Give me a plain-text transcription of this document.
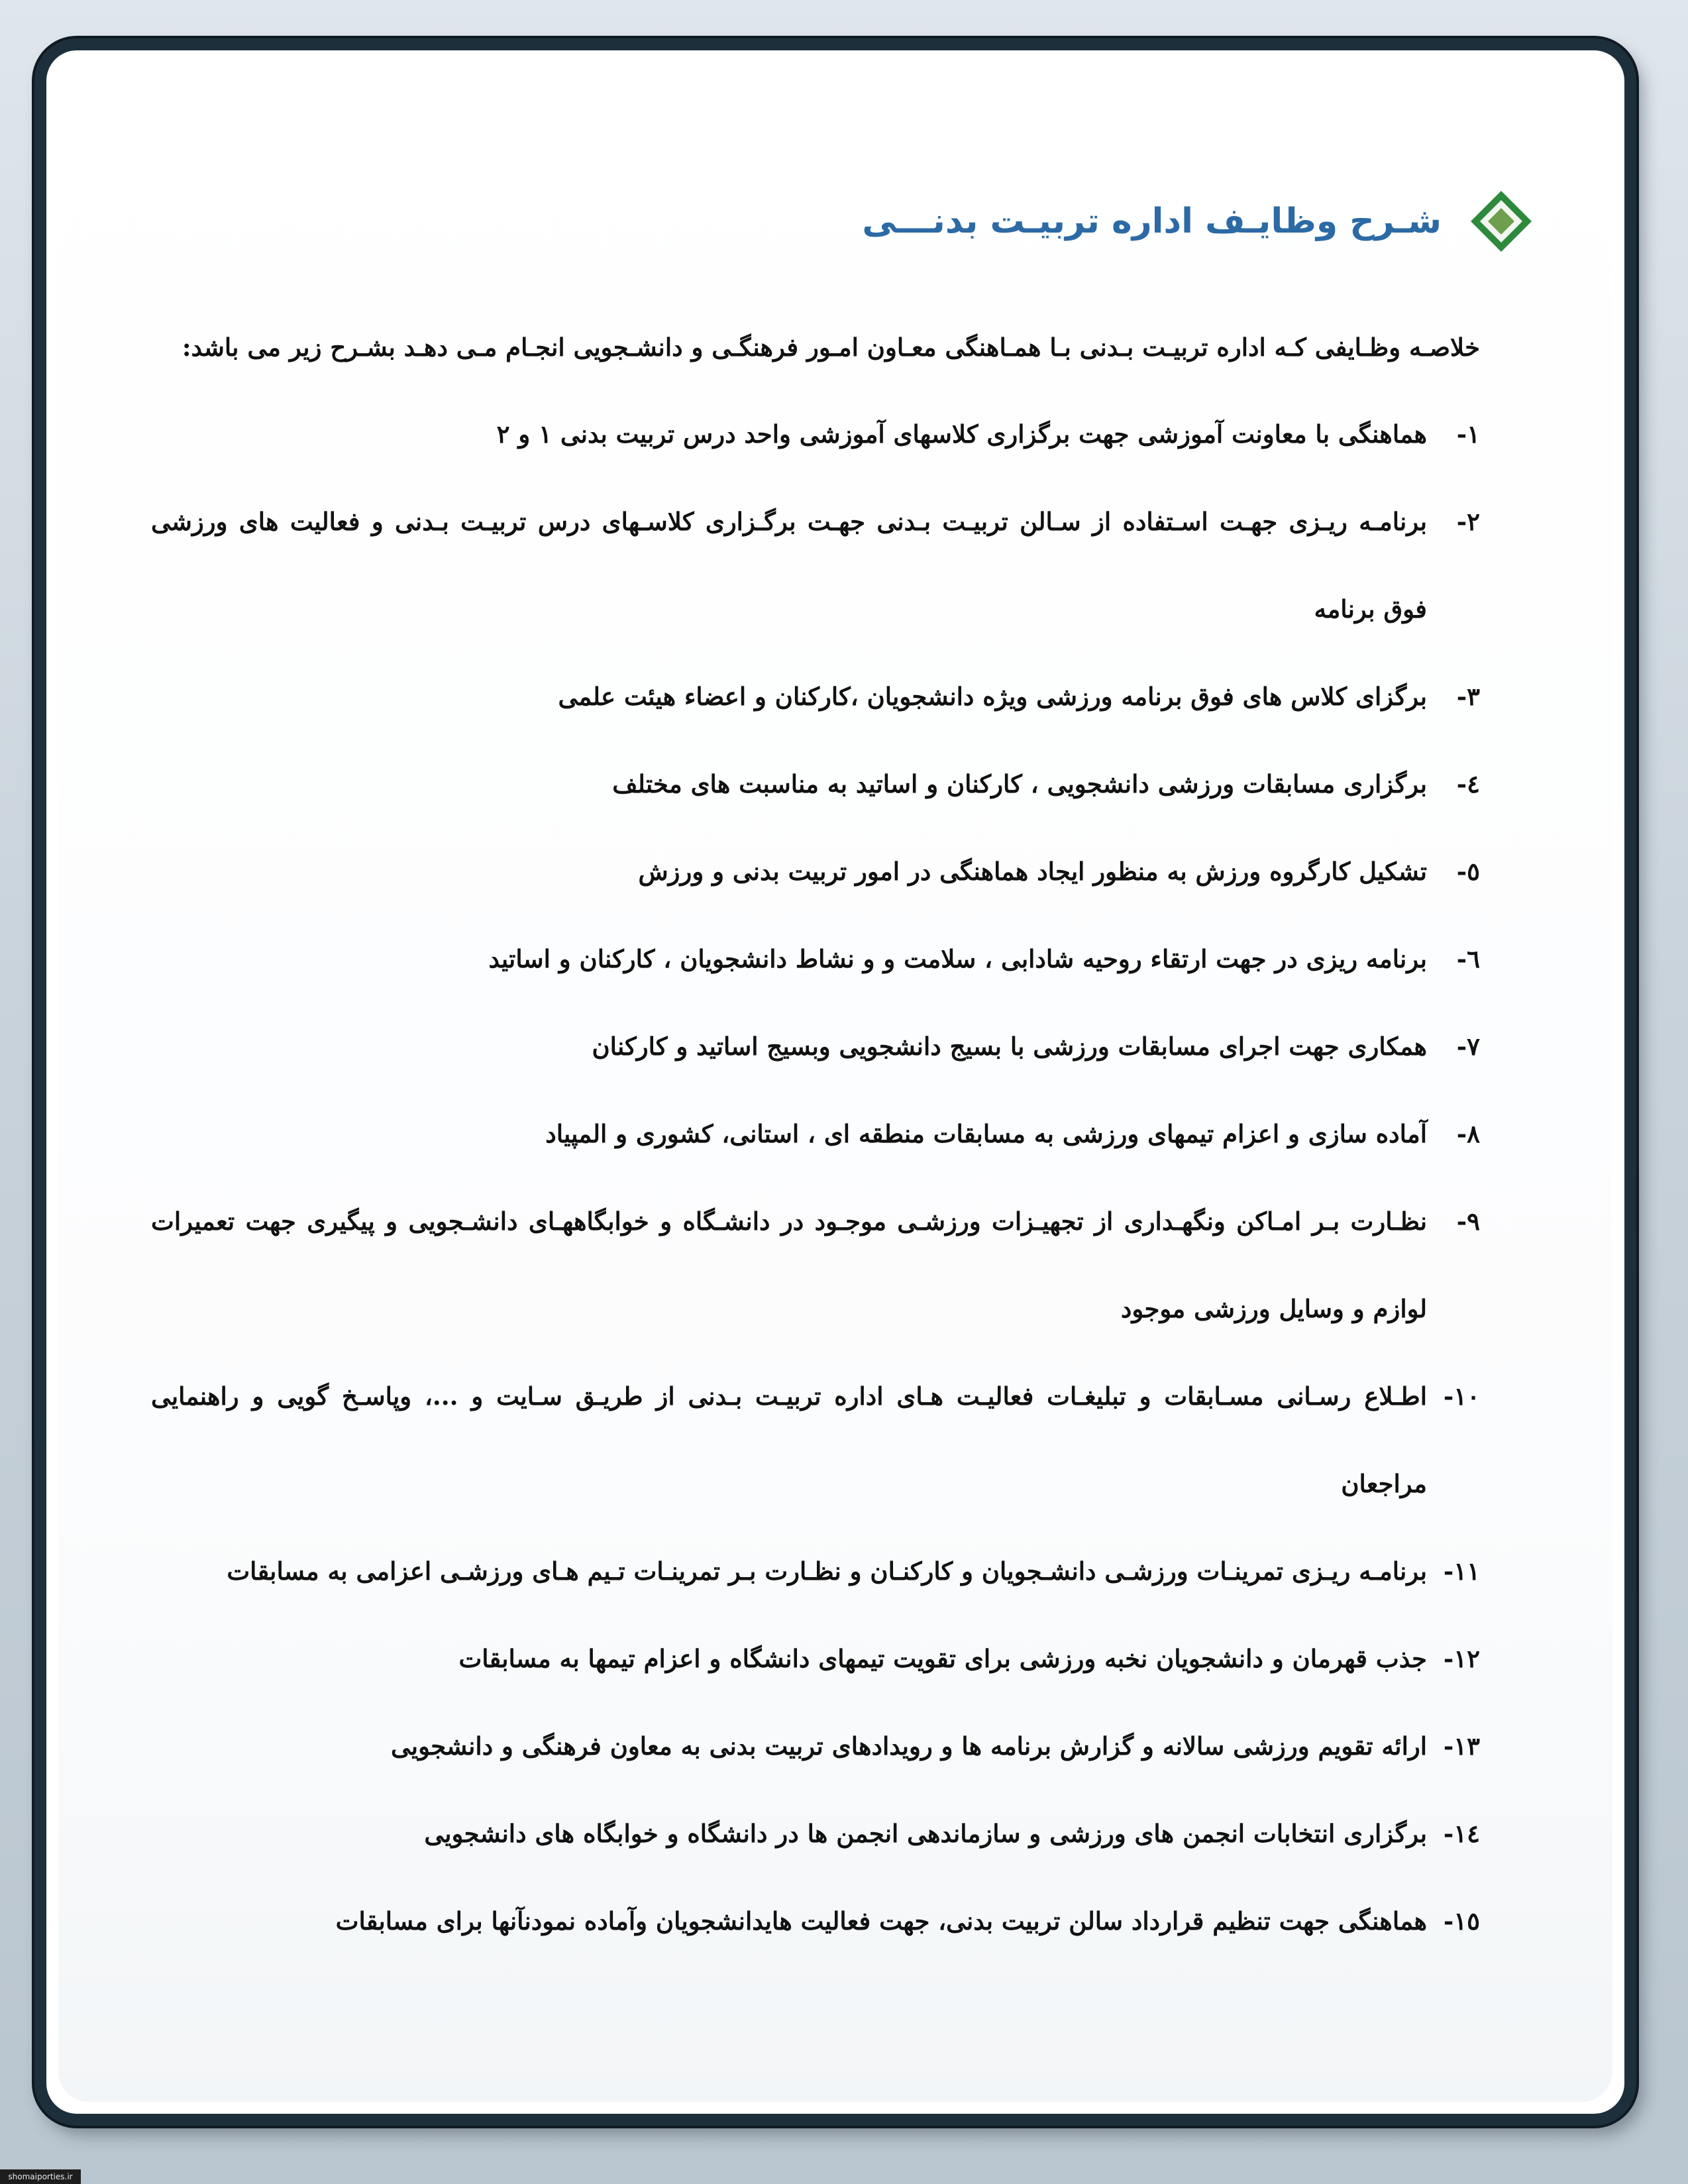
شـرح وظایـف اداره تربیـت بدنـــی

خلاصـه وظـایفی کـه اداره تربیـت بـدنی بـا همـاهنگی معـاون امـور فرهنگـی و دانشـجویی انجـام مـی دهـد بشـرح زیر می باشد:

١-
هماهنگی با معاونت آموزشی جهت برگزاری کلاسهای آموزشی واحد درس تربیت بدنی ١ و ٢
٢-
برنامـه ریـزی جهـت اسـتفاده از سـالن تربیـت بـدنی جهـت برگـزاری کلاسـهای درس تربیـت بـدنی و فعالیت های ورزشی فوق برنامه
٣-
برگزای کلاس های فوق برنامه ورزشی ویژه دانشجویان ،کارکنان و اعضاء هیئت علمی
٤-
برگزاری مسابقات ورزشی دانشجویی ، کارکنان و اساتید به مناسبت های مختلف
٥-
تشکیل کارگروه ورزش به منظور ایجاد هماهنگی در امور تربیت بدنی و ورزش
٦-
برنامه ریزی در جهت ارتقاء روحیه شادابی ، سلامت و و نشاط دانشجویان ، کارکنان و اساتید
٧-
همکاری جهت اجرای مسابقات ورزشی با بسیج دانشجویی وبسیج اساتید و کارکنان
٨-
آماده سازی و اعزام تیمهای ورزشی به مسابقات منطقه ای ، استانی، کشوری و المپیاد
٩-
نظـارت بـر امـاکن ونگهـداری از تجهیـزات ورزشـی موجـود در دانشـگاه و خوابگاههـای دانشـجویی و پیگیری جهت تعمیرات لوازم و وسایل ورزشی موجود
١٠-
اطـلاع رسـانی مسـابقات و تبلیغـات فعالیـت هـای اداره تربیـت بـدنی از طریـق سـایت و ...، وپاسـخ گویی و راهنمایی مراجعان
١١-
برنامـه ریـزی تمرینـات ورزشـی دانشـجویان و کارکنـان و نظـارت بـر تمرینـات تـیم هـای ورزشـی اعزامی به مسابقات
١٢-
جذب قهرمان و دانشجویان نخبه ورزشی برای تقویت تیمهای دانشگاه و اعزام تیمها به مسابقات
١٣-
ارائه تقویم ورزشی سالانه و گزارش برنامه ها و رویدادهای تربیت بدنی به معاون فرهنگی و دانشجویی
١٤-
برگزاری انتخابات انجمن های ورزشی و سازماندهی انجمن ها در دانشگاه و خوابگاه های دانشجویی
١٥-
هماهنگی جهت تنظیم قرارداد سالن تربیت بدنی، جهت فعالیت هایدانشجویان وآماده نمودنآنها برای مسابقات
shomaiporties.ir
